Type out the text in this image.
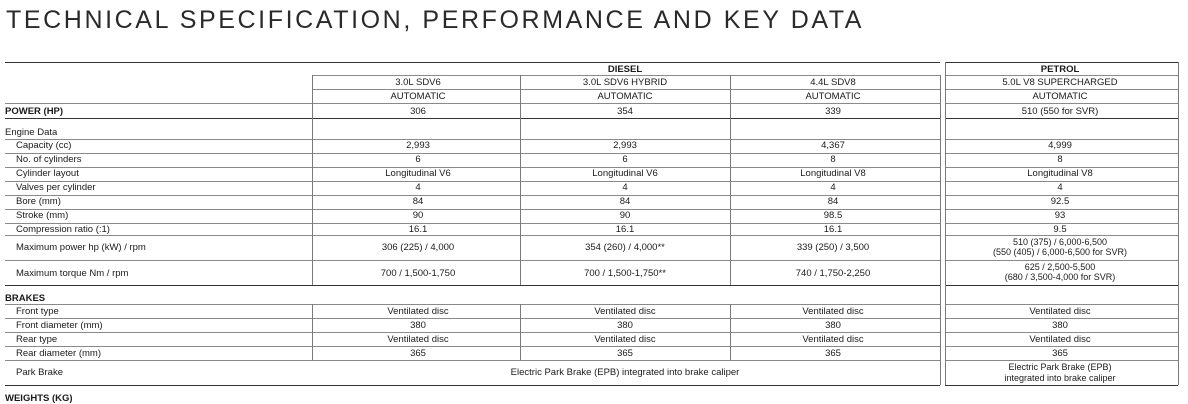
TECHNICAL SPECIFICATION, PERFORMANCE AND KEY DATA
DIESEL	PETROL
3.0L SDV6	3.0L SDV6 HYBRID	4.4L SDV8	5.0L V8 SUPERCHARGED
AUTOMATIC	AUTOMATIC	AUTOMATIC	AUTOMATIC
POWER (HP)	306	354	339	510 (550 for SVR)
Engine Data
Capacity (cc)	2,993	2,993	4,367	4,999
No. of cylinders	6	6	8	8
Cylinder layout	Longitudinal V6	Longitudinal V6	Longitudinal V8	Longitudinal V8
Valves per cylinder	4	4	4	4
Bore (mm)	84	84	84	92.5
Stroke (mm)	90	90	98.5	93
Compression ratio (:1)	16.1	16.1	16.1	9.5
Maximum power hp (kW) / rpm	306 (225) / 4,000	354 (260) / 4,000**	339 (250) / 3,500	510 (375) / 6,000-6,500
(550 (405) / 6,000-6,500 for SVR)
Maximum torque Nm / rpm	700 / 1,500-1,750	700 / 1,500-1,750**	740 / 1,750-2,250
625 / 2,500-5,500
(680 / 3,500-4,000 for SVR)
BRAKES
Front type	Ventilated disc	Ventilated disc	Ventilated disc	Ventilated disc
Front diameter (mm)	380	380	380	380
Rear type	Ventilated disc	Ventilated disc	Ventilated disc	Ventilated disc
Rear diameter (mm)	365	365	365	365
Park Brake	Electric Park Brake (EPB) integrated into brake caliper	Electric Park Brake (EPB)
integrated into brake caliper
WEIGHTS (KG)
